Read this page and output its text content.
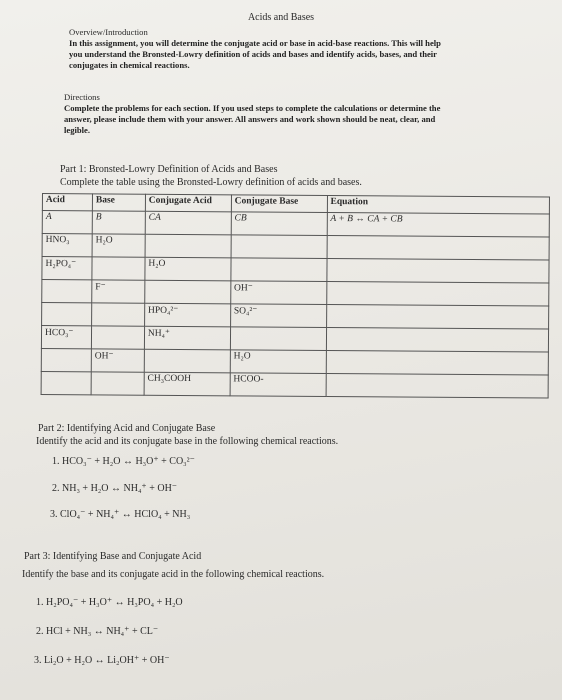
Acids and Bases
Overview/Introduction
In this assignment, you will determine the conjugate acid or base in acid-base reactions. This will help
you understand the Bronsted-Lowry definition of acids and bases and identify acids, bases, and their
conjugates in chemical reactions.
Directions
Complete the problems for each section. If you used steps to complete the calculations or determine the
answer, please include them with your answer. All answers and work shown should be neat, clear, and
legible.
Part 1: Bronsted-Lowry Definition of Acids and Bases
Complete the table using the Bronsted-Lowry definition of acids and bases.
Acid	Base	Conjugate Acid	Conjugate Base	Equation
A	B	CA	CB	A + B ↔ CA + CB
HNO₃	H₂O			
H₂PO₄⁻		H₂O		
	F⁻		OH⁻	
		HPO₄²⁻	SO₄²⁻	
HCO₃⁻		NH₄⁺		
	OH⁻		H₂O	
		CH₃COOH	HCOO-	
Part 2: Identifying Acid and Conjugate Base
Identify the acid and its conjugate base in the following chemical reactions.
1. HCO₃⁻ + H₂O ↔ H₃O⁺ + CO₃²⁻
2. NH₃ + H₂O ↔ NH₄⁺ + OH⁻
3. ClO₄⁻ + NH₄⁺ ↔ HClO₄ + NH₃
Part 3: Identifying Base and Conjugate Acid
Identify the base and its conjugate acid in the following chemical reactions.
1. H₂PO₄⁻ + H₃O⁺ ↔ H₃PO₄ + H₂O
2. HCl + NH₃ ↔ NH₄⁺ + CL⁻
3. Li₂O + H₂O ↔ Li₂OH⁺ + OH⁻
